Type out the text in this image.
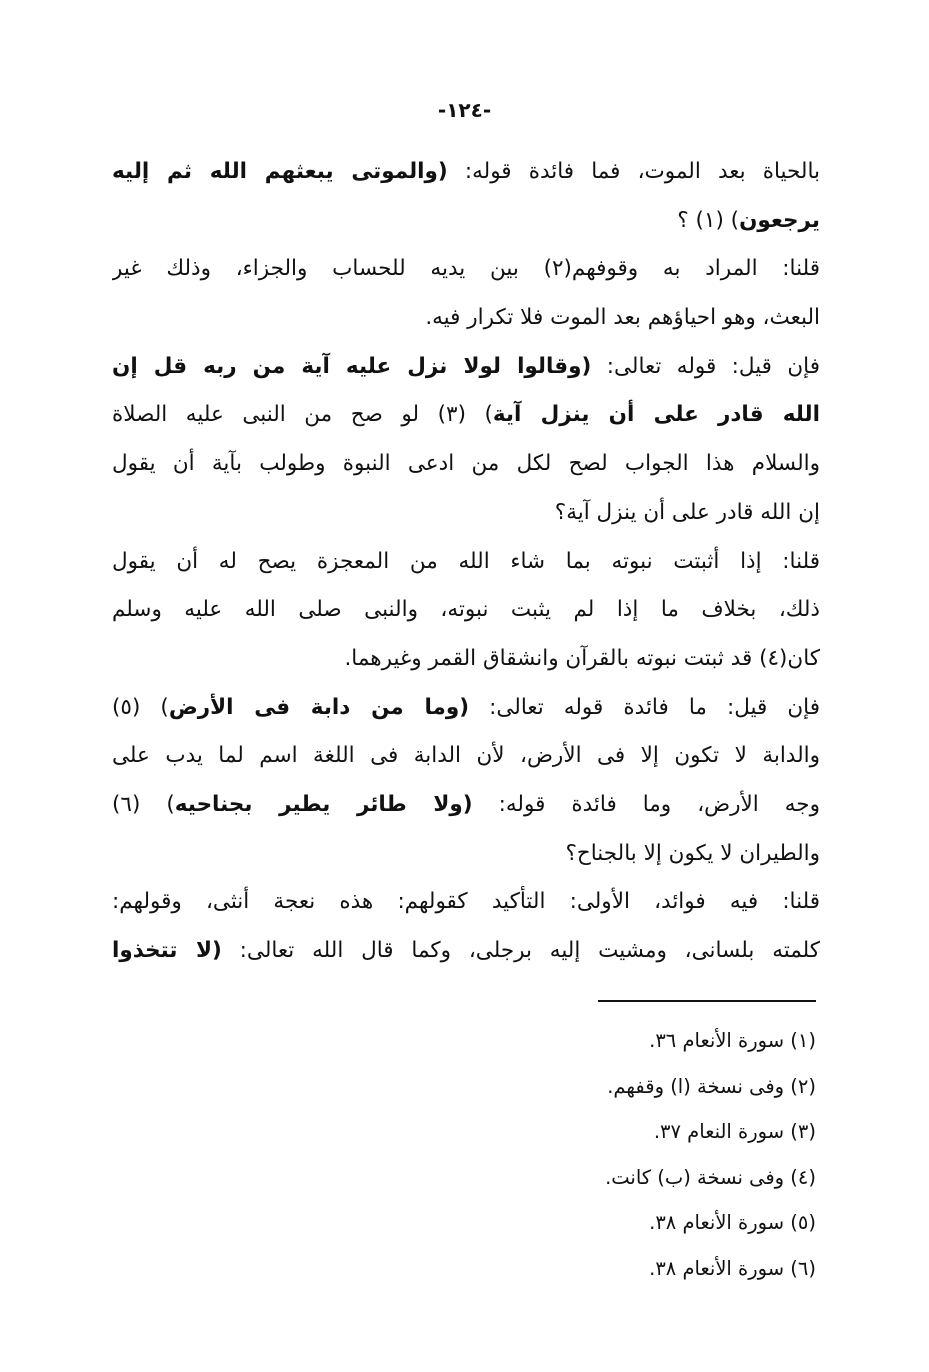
-١٢٤-
بالحياة بعد الموت، فما فائدة قوله: (والموتى يبعثهم الله ثم إليه
يرجعون) (١) ؟
قلنا: المراد به وقوفهم(٢) بين يديه للحساب والجزاء، وذلك غير
البعث، وهو احياؤهم بعد الموت فلا تكرار فيه.
فإن قيل: قوله تعالى: (وقالوا لولا نزل عليه آية من ربه قل إن
الله قادر على أن ينزل آية) (٣) لو صح من النبى عليه الصلاة
والسلام هذا الجواب لصح لكل من ادعى النبوة وطولب بآية أن يقول
إن الله قادر على أن ينزل آية؟
قلنا: إذا أثبتت نبوته بما شاء الله من المعجزة يصح له أن يقول
ذلك، بخلاف ما إذا لم يثبت نبوته، والنبى صلى الله عليه وسلم
كان(٤) قد ثبتت نبوته بالقرآن وانشقاق القمر وغيرهما.
فإن قيل: ما فائدة قوله تعالى: (وما من دابة فى الأرض) (٥)
والدابة لا تكون إلا فى الأرض، لأن الدابة فى اللغة اسم لما يدب على
وجه الأرض، وما فائدة قوله: (ولا طائر يطير بجناحيه) (٦)
والطيران لا يكون إلا بالجناح؟
قلنا: فيه فوائد، الأولى: التأكيد كقولهم: هذه نعجة أنثى، وقولهم:
كلمته بلسانى، ومشيت إليه برجلى، وكما قال الله تعالى: (لا تتخذوا
(١) سورة الأنعام ٣٦.
(٢) وفى نسخة (ا) وقفهم.
(٣) سورة النعام ٣٧.
(٤) وفى نسخة (ب) كانت.
(٥) سورة الأنعام ٣٨.
(٦) سورة الأنعام ٣٨.
